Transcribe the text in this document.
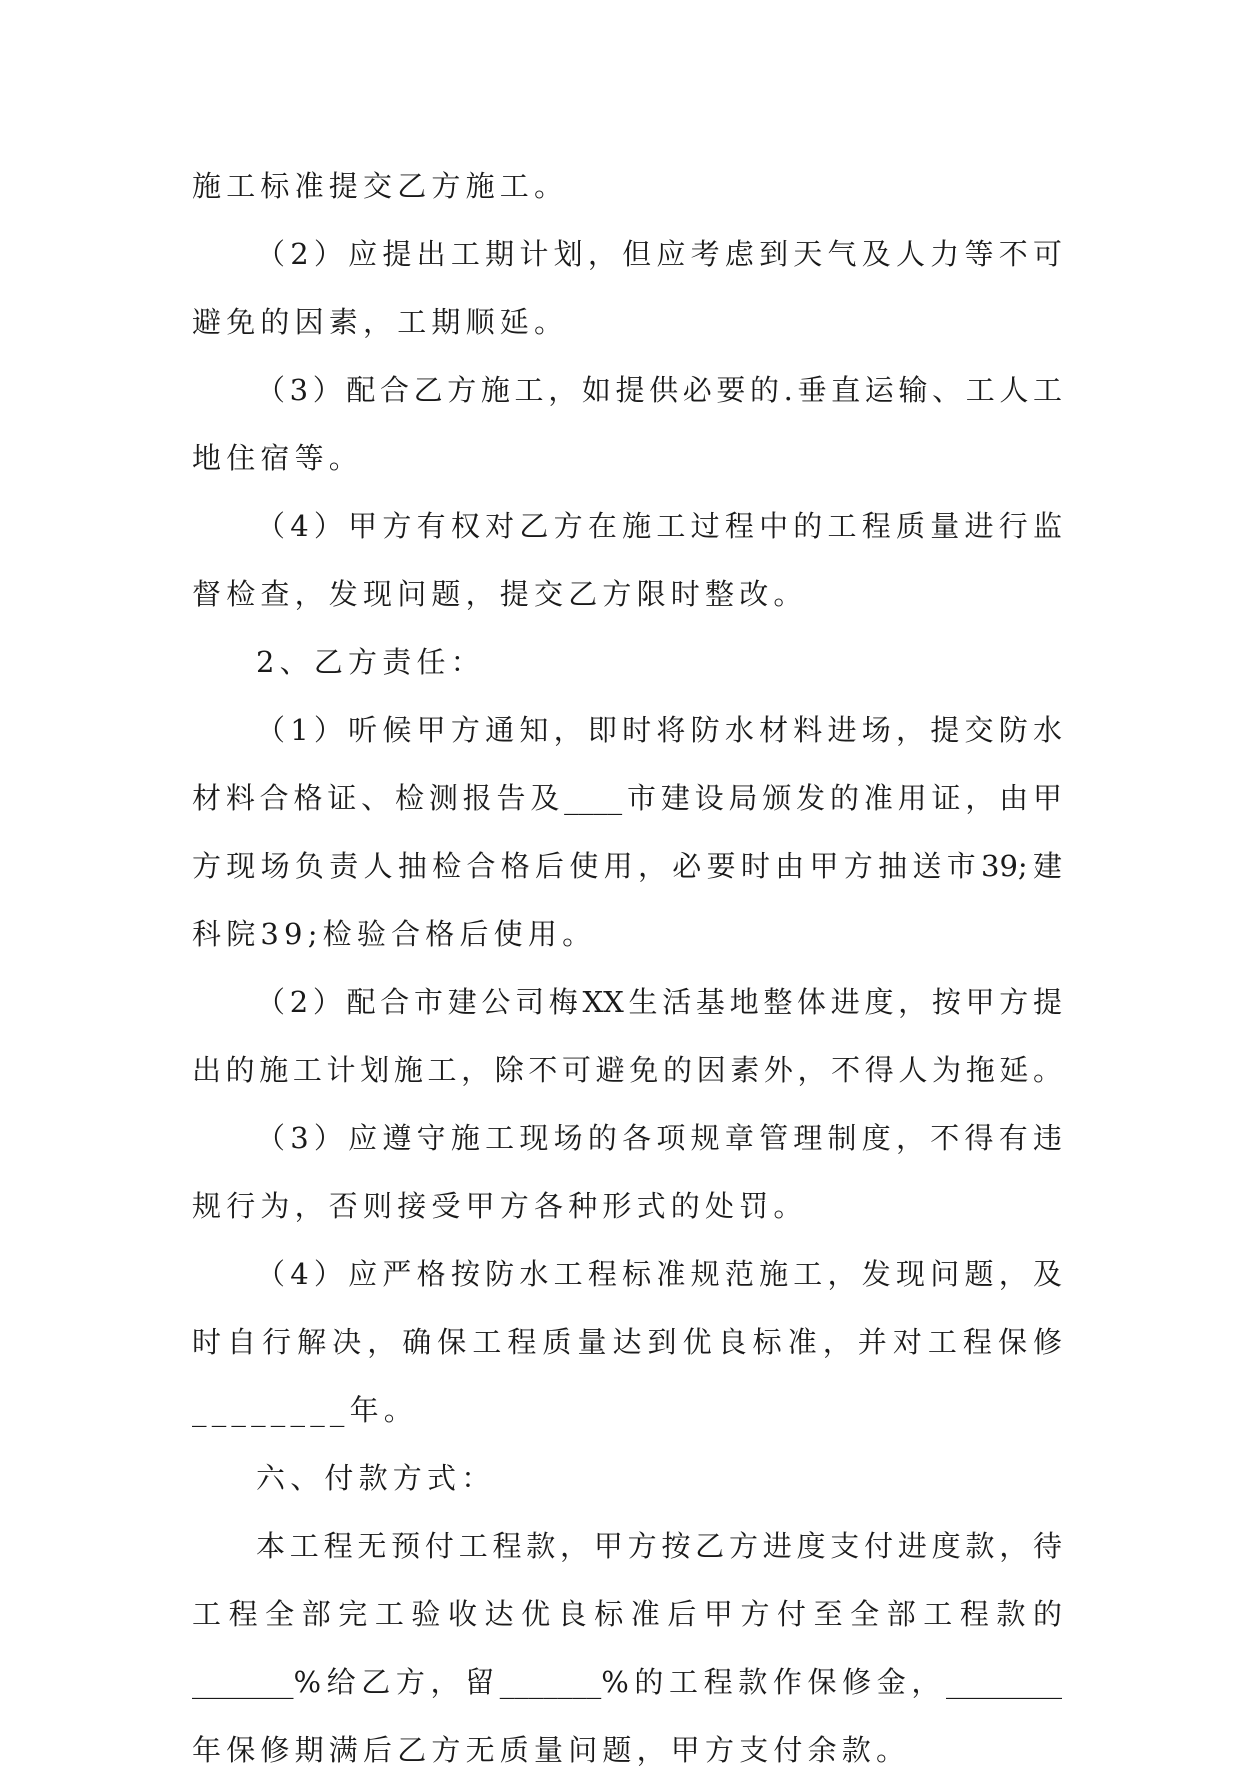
施工标准提交乙方施工。
（2）应提出工期计划，但应考虑到天气及人力等不可
避免的因素，工期顺延。
（3）配合乙方施工，如提供必要的.垂直运输、工人工
地住宿等。
（4）甲方有权对乙方在施工过程中的工程质量进行监
督检查，发现问题，提交乙方限时整改。
2、乙方责任：
（1）听候甲方通知，即时将防水材料进场，提交防水
材料合格证、检测报告及____市建设局颁发的准用证，由甲
方现场负责人抽检合格后使用，必要时由甲方抽送市39;建
科院39;检验合格后使用。
（2）配合市建公司梅XX生活基地整体进度，按甲方提
出的施工计划施工，除不可避免的因素外，不得人为拖延。
（3）应遵守施工现场的各项规章管理制度，不得有违
规行为，否则接受甲方各种形式的处罚。
（4）应严格按防水工程标准规范施工，发现问题，及
时自行解决，确保工程质量达到优良标准，并对工程保修
________年。
六、付款方式：
本工程无预付工程款，甲方按乙方进度支付进度款，待
工程全部完工验收达优良标准后甲方付至全部工程款的
_______%给乙方，留_______%的工程款作保修金，________
年保修期满后乙方无质量问题，甲方支付余款。
